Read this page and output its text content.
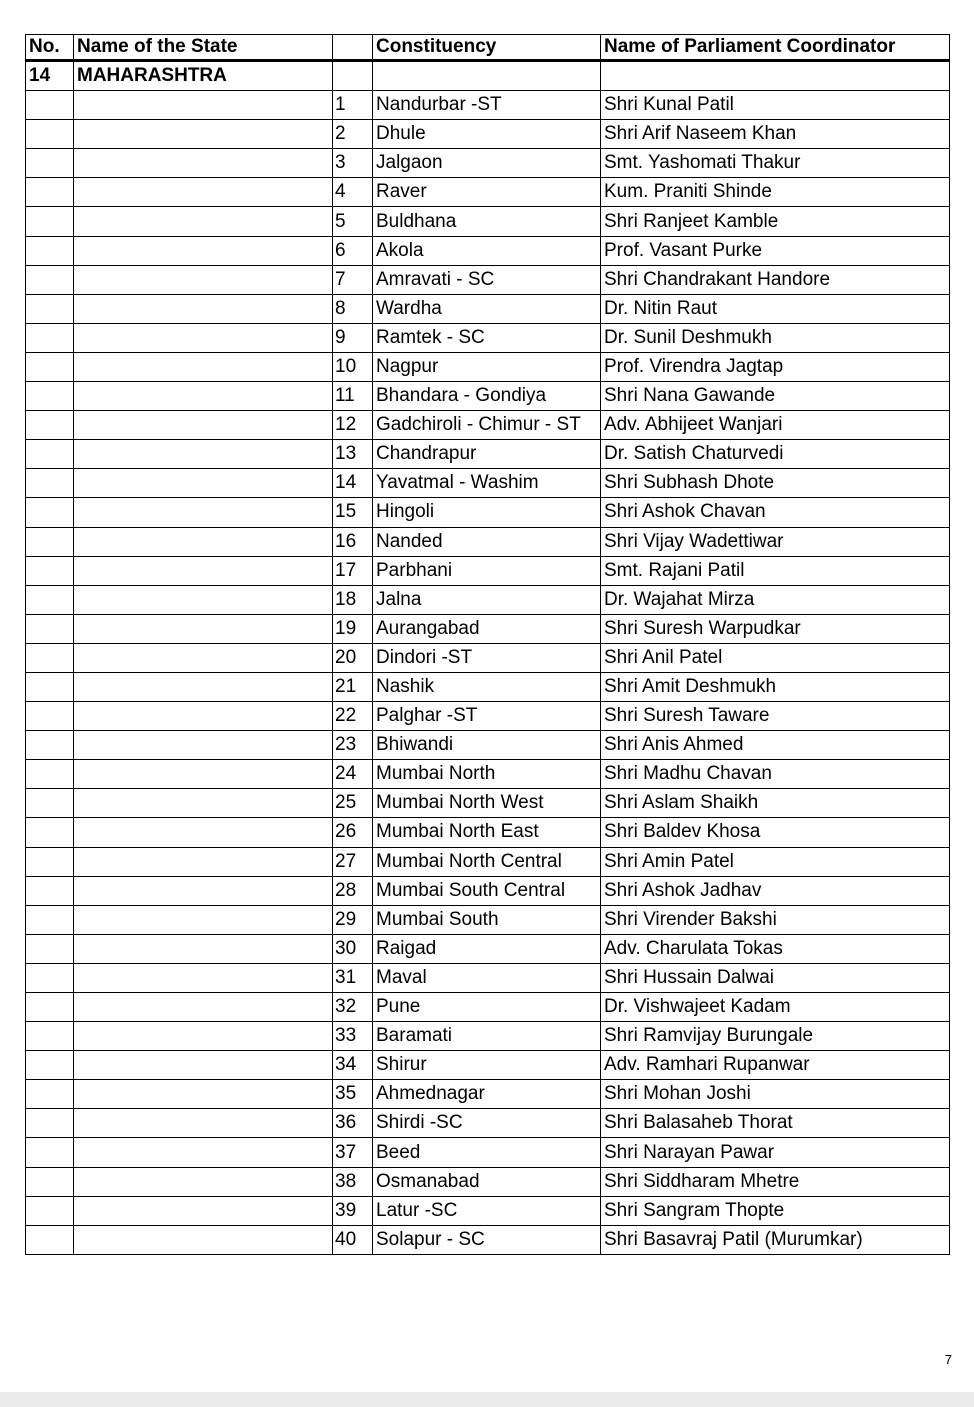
No.	Name of the State		Constituency	Name of Parliament Coordinator
14	MAHARASHTRA			
		1	Nandurbar -ST	Shri Kunal Patil
		2	Dhule	Shri Arif Naseem Khan
		3	Jalgaon	Smt. Yashomati Thakur
		4	Raver	Kum. Praniti Shinde
		5	Buldhana	Shri Ranjeet Kamble
		6	Akola	Prof. Vasant Purke
		7	Amravati - SC	Shri Chandrakant Handore
		8	Wardha	Dr. Nitin Raut
		9	Ramtek - SC	Dr. Sunil Deshmukh
		10	Nagpur	Prof. Virendra Jagtap
		11	Bhandara - Gondiya	Shri Nana Gawande
		12	Gadchiroli - Chimur - ST	Adv. Abhijeet Wanjari
		13	Chandrapur	Dr. Satish Chaturvedi
		14	Yavatmal - Washim	Shri Subhash Dhote
		15	Hingoli	Shri Ashok Chavan
		16	Nanded	Shri Vijay Wadettiwar
		17	Parbhani	Smt. Rajani Patil
		18	Jalna	Dr. Wajahat Mirza
		19	Aurangabad	Shri Suresh Warpudkar
		20	Dindori -ST	Shri Anil Patel
		21	Nashik	Shri Amit Deshmukh
		22	Palghar -ST	Shri Suresh Taware
		23	Bhiwandi	Shri Anis Ahmed
		24	Mumbai North	Shri Madhu Chavan
		25	Mumbai North West	Shri Aslam Shaikh
		26	Mumbai North East	Shri Baldev Khosa
		27	Mumbai North Central	Shri Amin Patel
		28	Mumbai South Central	Shri Ashok Jadhav
		29	Mumbai South	Shri Virender Bakshi
		30	Raigad	Adv. Charulata Tokas
		31	Maval	Shri Hussain Dalwai
		32	Pune	Dr. Vishwajeet Kadam
		33	Baramati	Shri Ramvijay Burungale
		34	Shirur	Adv. Ramhari Rupanwar
		35	Ahmednagar	Shri Mohan Joshi
		36	Shirdi -SC	Shri Balasaheb Thorat
		37	Beed	Shri Narayan Pawar
		38	Osmanabad	Shri Siddharam Mhetre
		39	Latur -SC	Shri Sangram Thopte
		40	Solapur - SC	Shri Basavraj Patil (Murumkar)
7
